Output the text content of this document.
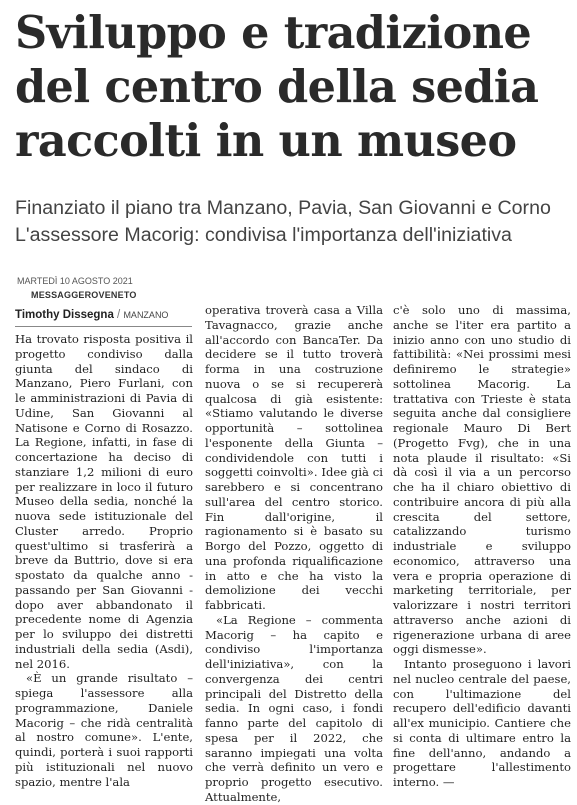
Sviluppo e tradizione
del centro della sedia
raccolti in un museo
Finanziato il piano tra Manzano, Pavia, San Giovanni e Corno
L'assessore Macorig: condivisa l'importanza dell'iniziativa
MARTEDÌ 10 AGOSTO 2021
MESSAGGEROVENETO
Timothy Dissegna / MANZANO

Ha trovato risposta positiva il progetto condiviso dalla giunta del sindaco di Manzano, Piero Furlani, con le amministrazioni di Pavia di Udine, San Giovanni al Natisone e Corno di Rosazzo. La Regione, infatti, in fase di concertazione ha deciso di stanziare 1,2 milioni di euro per realizzare in loco il futuro Museo della sedia, nonché la nuova sede istituzionale del Cluster arredo. Proprio quest'ultimo si trasferirà a breve da Buttrio, dove si era spostato da qualche anno - passando per San Giovanni - dopo aver abbandonato il precedente nome di Agenzia per lo sviluppo dei distretti industriali della sedia (Asdi), nel 2016.

«È un grande risultato – spiega l'assessore alla programmazione, Daniele Macorig – che ridà centralità al nostro comune». L'ente, quindi, porterà i suoi rapporti più istituzionali nel nuovo spazio, mentre l'ala

operativa troverà casa a Villa Tavagnacco, grazie anche all'accordo con BancaTer. Da decidere se il tutto troverà forma in una costruzione nuova o se si recupererà qualcosa di già esistente: «Stiamo valutando le diverse opportunità – sottolinea l'esponente della Giunta – condividendole con tutti i soggetti coinvolti». Idee già ci sarebbero e si concentrano sull'area del centro storico. Fin dall'origine, il ragionamento si è basato su Borgo del Pozzo, oggetto di una profonda riqualificazione in atto e che ha visto la demolizione dei vecchi fabbricati.

«La Regione – commenta Macorig – ha capito e condiviso l'importanza dell'iniziativa», con la convergenza dei centri principali del Distretto della sedia. In ogni caso, i fondi fanno parte del capitolo di spesa per il 2022, che saranno impiegati una volta che verrà definito un vero e proprio progetto esecutivo. Attualmente,

c'è solo uno di massima, anche se l'iter era partito a inizio anno con uno studio di fattibilità: «Nei prossimi mesi definiremo le strategie» sottolinea Macorig. La trattativa con Trieste è stata seguita anche dal consigliere regionale Mauro Di Bert (Progetto Fvg), che in una nota plaude il risultato: «Si dà così il via a un percorso che ha il chiaro obiettivo di contribuire ancora di più alla crescita del settore, catalizzando turismo industriale e sviluppo economico, attraverso una vera e propria operazione di marketing territoriale, per valorizzare i nostri territori attraverso anche azioni di rigenerazione urbana di aree oggi dismesse».

Intanto proseguono i lavori nel nucleo centrale del paese, con l'ultimazione del recupero dell'edificio davanti all'ex municipio. Cantiere che si conta di ultimare entro la fine dell'anno, andando a progettare l'allestimento interno. —
